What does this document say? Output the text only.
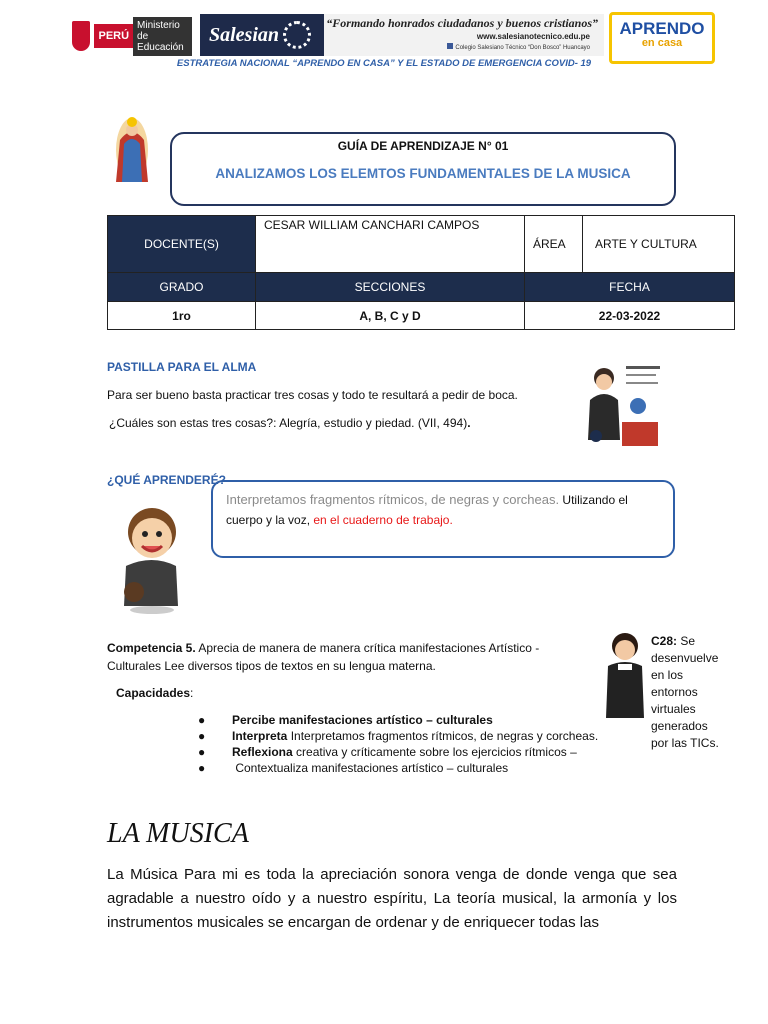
PERÚ
Ministerio
de Educación
Salesian
“Formando honrados ciudadanos y buenos cristianos”
www.salesianotecnico.edu.pe
Colegio Salesiano Técnico “Don Bosco” Huancayo
APRENDO
en casa
ESTRATEGIA NACIONAL “APRENDO EN CASA” Y EL ESTADO DE EMERGENCIA COVID- 19
GUÍA DE APRENDIZAJE N° 01
ANALIZAMOS LOS ELEMTOS FUNDAMENTALES DE LA MUSICA
DOCENTE(S)	CESAR WILLIAM CANCHARI CAMPOS	ÁREA	ARTE Y CULTURA
GRADO	SECCIONES	FECHA	
1ro	A, B, C y D	22-03-2022	
PASTILLA PARA EL ALMA
Para ser bueno basta practicar tres cosas y todo te resultará a pedir de boca.
¿Cuáles son estas tres cosas?: Alegría, estudio y piedad. (VII, 494).
¿QUÉ APRENDERÉ?
Interpretamos fragmentos rítmicos, de negras y corcheas. Utilizando el cuerpo y la voz, en el cuaderno de trabajo.
Competencia 5. Aprecia de manera de manera crítica manifestaciones Artístico - Culturales Lee diversos tipos de textos en su lengua materna.
C28: Se desenvuelve en los entornos virtuales generados por las TICs.
Capacidades:
● Percibe manifestaciones artístico – culturales
● Interpreta Interpretamos fragmentos rítmicos, de negras y corcheas.
● Reflexiona creativa y críticamente sobre los ejercicios rítmicos –
● Contextualiza manifestaciones artístico – culturales
LA MUSICA
La Música Para mi es toda la apreciación sonora venga de donde venga que sea agradable a nuestro oído y a nuestro espíritu, La teoría musical, la armonía y los instrumentos musicales se encargan de ordenar y de enriquecer todas las
